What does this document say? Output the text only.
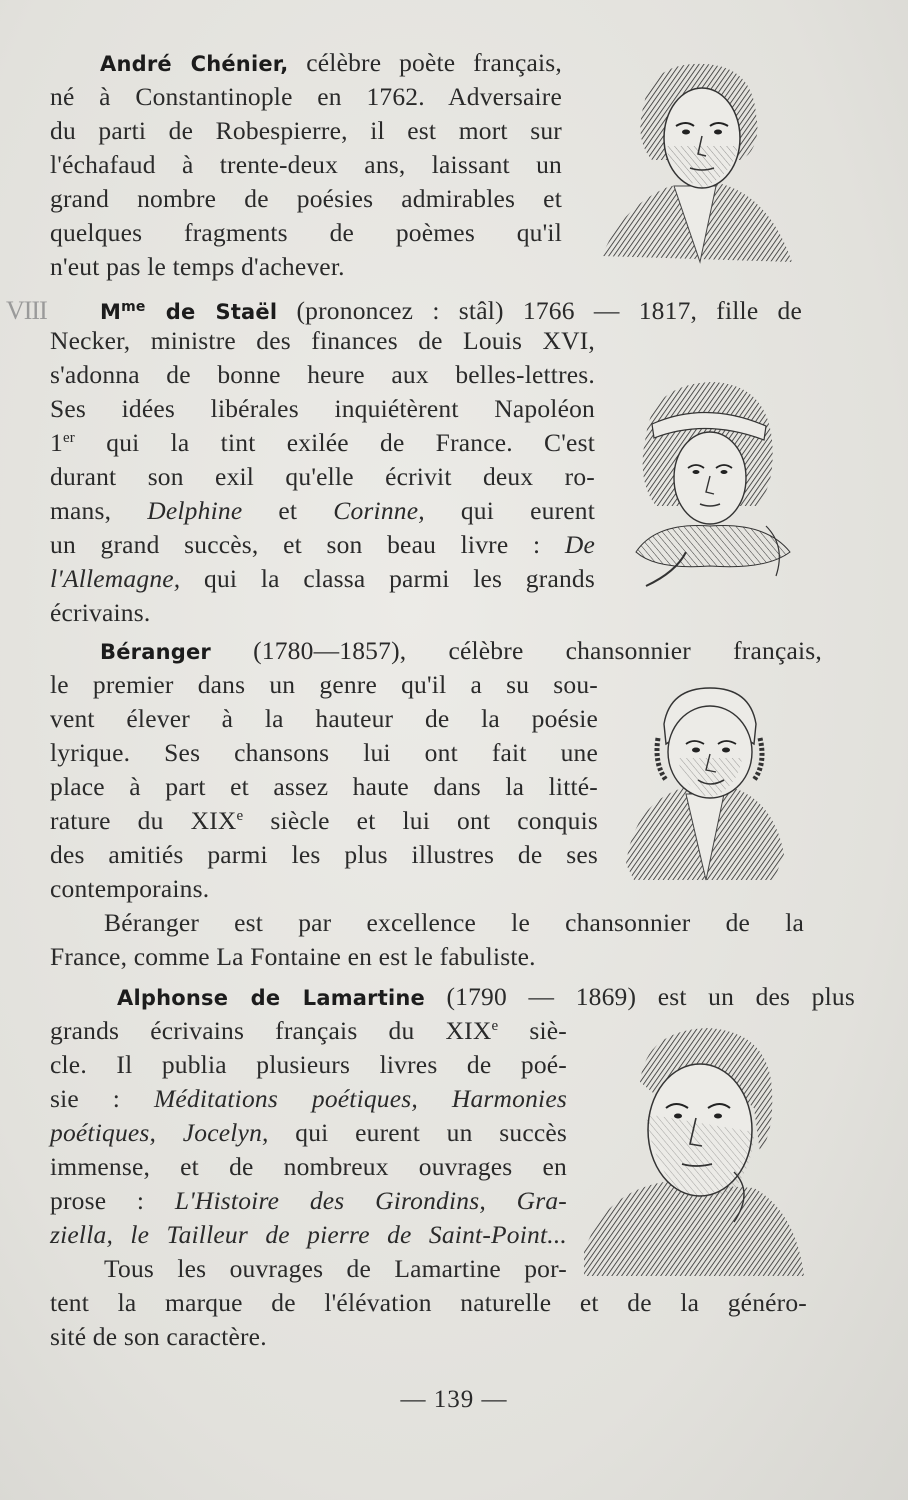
VIII
André Chénier, célèbre poète français,
né à Constantinople en 1762. Adversaire
du parti de Robespierre, il est mort sur
l'échafaud à trente-deux ans, laissant un
grand nombre de poésies admirables et
quelques fragments de poèmes qu'il
n'eut pas le temps d'achever.
$M^{me}$ de Staël (prononcez : stâl) 1766 — 1817, fille de
Necker, ministre des finances de Louis XVI,
s'adonna de bonne heure aux belles-lettres.
Ses idées libérales inquiétèrent Napoléon
1er qui la tint exilée de France. C'est
durant son exil qu'elle écrivit deux ro-
mans, Delphine et Corinne, qui eurent
un grand succès, et son beau livre : De
l'Allemagne, qui la classa parmi les grands
écrivains.
Béranger (1780—1857), célèbre chansonnier français,
le premier dans un genre qu'il a su sou-
vent élever à la hauteur de la poésie
lyrique. Ses chansons lui ont fait une
place à part et assez haute dans la litté-
rature du XIXe siècle et lui ont conquis
des amitiés parmi les plus illustres de ses
contemporains.
Béranger est par excellence le chansonnier de la
France, comme La Fontaine en est le fabuliste.
Alphonse de Lamartine (1790 — 1869) est un des plus
grands écrivains français du XIXe siè-
cle. Il publia plusieurs livres de poé-
sie : Méditations poétiques, Harmonies
poétiques, Jocelyn, qui eurent un succès
immense, et de nombreux ouvrages en
prose : L'Histoire des Girondins, Gra-
ziella, le Tailleur de pierre de Saint-Point...
Tous les ouvrages de Lamartine por-
tent la marque de l'élévation naturelle et de la généro-
sité de son caractère.
— 139 —
